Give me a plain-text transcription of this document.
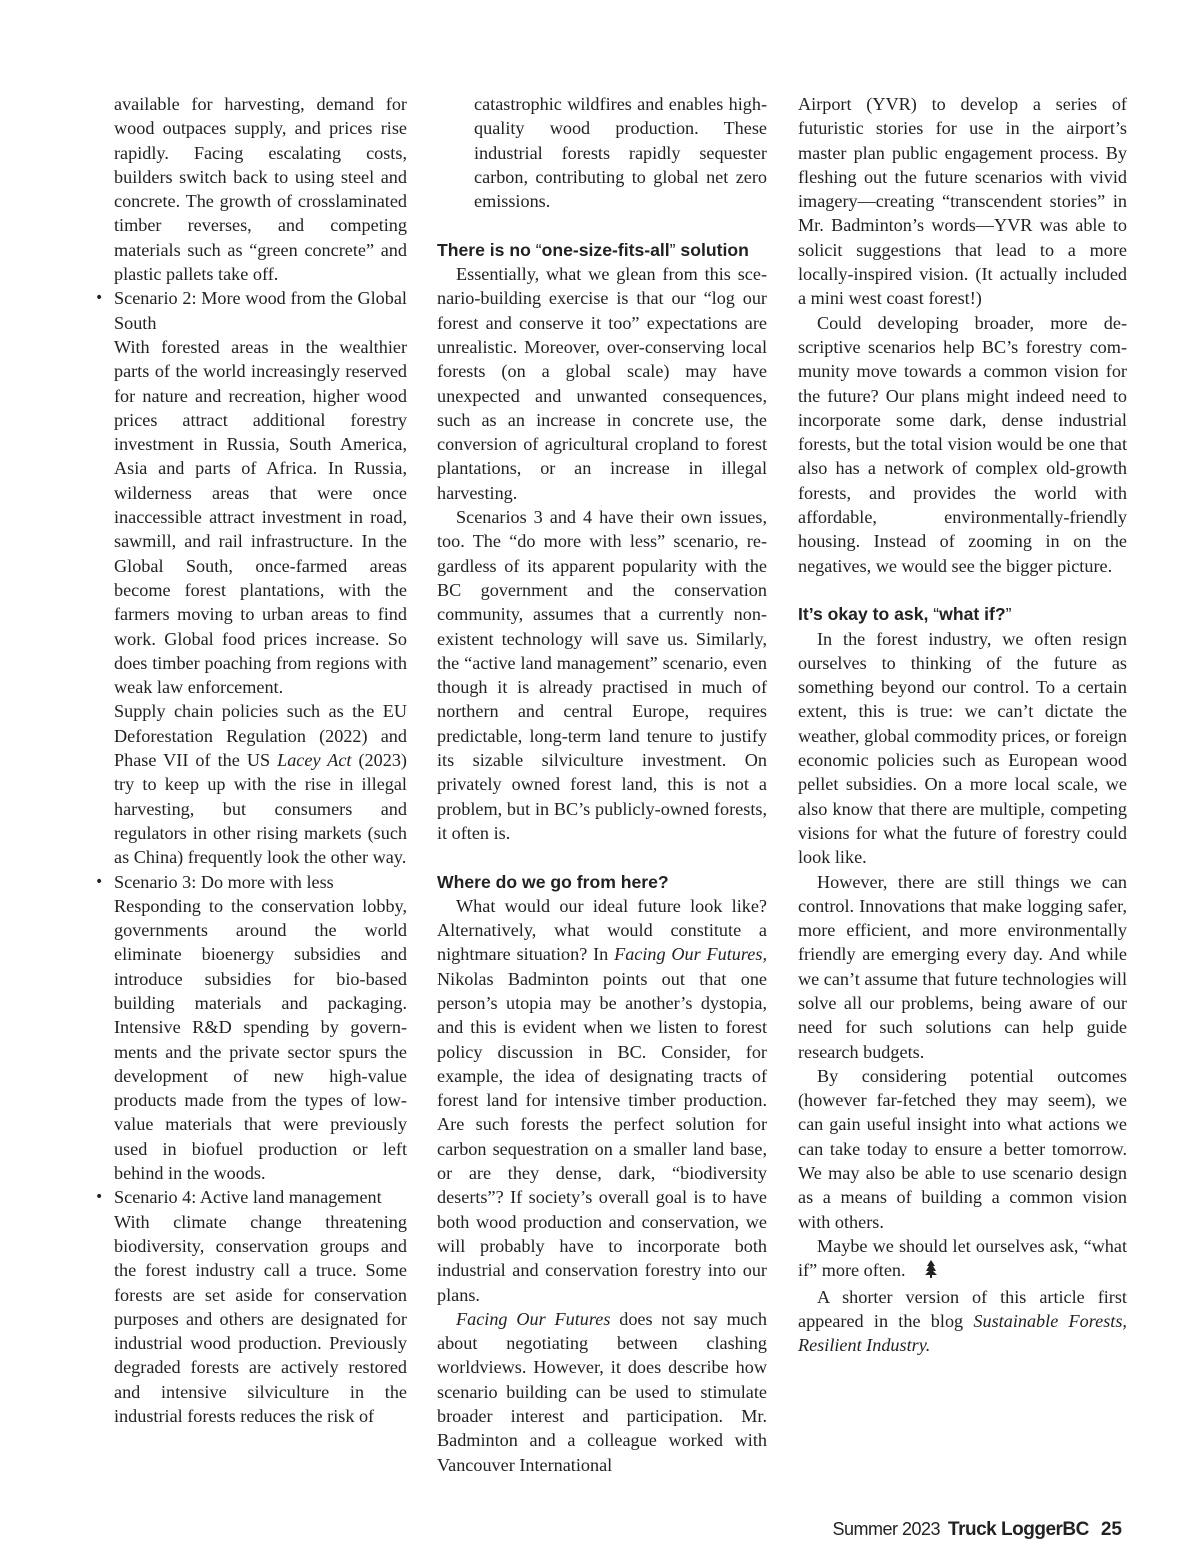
available for harvesting, demand for wood outpaces supply, and prices rise rapidly. Facing escalating costs, builders switch back to using steel and concrete. The growth of crosslaminated timber reverses, and competing materials such as “green concrete” and plastic pallets take off.

• Scenario 2: More wood from the Global South

With forested areas in the wealthier parts of the world increasingly reserved for nature and recreation, higher wood prices attract additional forestry investment in Russia, South America, Asia and parts of Africa. In Russia, wilderness areas that were once inaccessible attract investment in road, sawmill, and rail infrastructure. In the Global South, once-farmed areas become forest plantations, with the farmers moving to urban areas to find work. Global food prices increase. So does timber poaching from regions with weak law enforcement.

Supply chain policies such as the EU Deforestation Regulation (2022) and Phase VII of the US Lacey Act (2023) try to keep up with the rise in illegal harvesting, but consumers and regulators in other rising markets (such as China) frequently look the other way.

• Scenario 3: Do more with less

Responding to the conservation lobby, governments around the world eliminate bioenergy subsidies and introduce subsidies for bio-based building materials and packaging. Intensive R&D spending by governments and the private sector spurs the development of new high-value products made from the types of low-value materials that were previously used in biofuel production or left behind in the woods.

• Scenario 4: Active land management

With climate change threatening biodiversity, conservation groups and the forest industry call a truce. Some forests are set aside for conservation purposes and others are designated for industrial wood production. Previously degraded forests are actively restored and intensive silviculture in the industrial forests reduces the risk of

catastrophic wildfires and enables high-quality wood production. These industrial forests rapidly sequester carbon, contributing to global net zero emissions.

There is no “one-size-fits-all” solution

Essentially, what we glean from this scenario-building exercise is that our “log our forest and conserve it too” expectations are unrealistic. Moreover, over-conserving local forests (on a global scale) may have unexpected and unwanted consequences, such as an increase in concrete use, the conversion of agricultural cropland to forest plantations, or an increase in illegal harvesting.

Scenarios 3 and 4 have their own issues, too. The “do more with less” scenario, regardless of its apparent popularity with the BC government and the conservation community, assumes that a currently non-existent technology will save us. Similarly, the “active land management” scenario, even though it is already practised in much of northern and central Europe, requires predictable, long-term land tenure to justify its sizable silviculture investment. On privately owned forest land, this is not a problem, but in BC’s publicly-owned forests, it often is.

Where do we go from here?

What would our ideal future look like? Alternatively, what would constitute a nightmare situation? In Facing Our Futures, Nikolas Badminton points out that one person’s utopia may be another’s dystopia, and this is evident when we listen to forest policy discussion in BC. Consider, for example, the idea of designating tracts of forest land for intensive timber production. Are such forests the perfect solution for carbon sequestration on a smaller land base, or are they dense, dark, “biodiversity deserts”? If society’s overall goal is to have both wood production and conservation, we will probably have to incorporate both industrial and conservation forestry into our plans.

Facing Our Futures does not say much about negotiating between clashing worldviews. However, it does describe how scenario building can be used to stimulate broader interest and participation. Mr. Badminton and a colleague worked with Vancouver International

Airport (YVR) to develop a series of futuristic stories for use in the airport’s master plan public engagement process. By fleshing out the future scenarios with vivid imagery—creating “transcendent stories” in Mr. Badminton’s words—YVR was able to solicit suggestions that lead to a more locally-inspired vision. (It actually included a mini west coast forest!)

Could developing broader, more descriptive scenarios help BC’s forestry community move towards a common vision for the future? Our plans might indeed need to incorporate some dark, dense industrial forests, but the total vision would be one that also has a network of complex old-growth forests, and provides the world with affordable, environmentally-friendly housing. Instead of zooming in on the negatives, we would see the bigger picture.

It’s okay to ask, “what if?”

In the forest industry, we often resign ourselves to thinking of the future as something beyond our control. To a certain extent, this is true: we can’t dictate the weather, global commodity prices, or foreign economic policies such as European wood pellet subsidies. On a more local scale, we also know that there are multiple, competing visions for what the future of forestry could look like.

However, there are still things we can control. Innovations that make logging safer, more efficient, and more environmentally friendly are emerging every day. And while we can’t assume that future technologies will solve all our problems, being aware of our need for such solutions can help guide research budgets.

By considering potential outcomes (however far-fetched they may seem), we can gain useful insight into what actions we can take today to ensure a better tomorrow. We may also be able to use scenario design as a means of building a common vision with others.

Maybe we should let ourselves ask, “what if” more often.

A shorter version of this article first appeared in the blog Sustainable Forests, Resilient Industry.

Summer 2023 Truck LoggerBC 25
